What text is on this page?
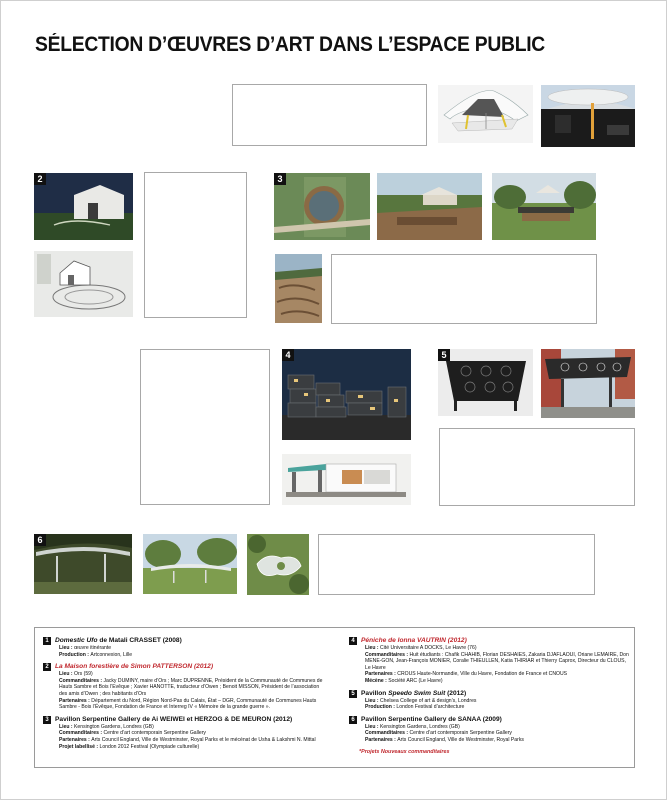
SÉLECTION D’ŒUVRES D’ART DANS L’ESPACE PUBLIC
2	3
4	5
6
1 Domestic Ufo de Matali CRASSET (2008)
Lieu : œuvre itinérante
Production : Artconnexion, Lille
2 La Maison forestière de Simon PATTERSON (2012)
Lieu : Ors (59)
Commanditaires : Jacky DUMINY, maire d’Ors ; Marc DUPRENNE, Président de la Communauté de Communes de Hauts Sambre et Bois l’Evêque ; Xavier HANOTTE, traducteur d’Owen ; Benoit MISSON, Président de l’association des amis d’Owen ; des habitants d’Ors
Partenaires : Département du Nord, Région Nord-Pas du Calais, État – DGR, Communauté de Communes Hauts Sambre - Bois l’Évêque, Fondation de France et Interreg IV « Mémoire de la grande guerre ».
3 Pavillon Serpentine Gallery de Ai WEIWEI et HERZOG & DE MEURON (2012)
Lieu : Kensington Gardens, Londres (GB)
Commanditaires : Centre d’art contemporain Serpentine Gallery
Partenaires : Arts Council England, Ville de Westminster, Royal Parks et le mécénat de Usha & Lakshmi N. Mittal
Projet labellisé : London 2012 Festival (Olympiade culturelle)
4 Péniche de Ionna VAUTRIN (2012)
Lieu : Cité Universitaire A DOCKS, Le Havre (76)
Commanditaires : Huit étudiants : Chafik CHAHIB, Florian DESHAIES, Zakaria DJAFLAOUI, Oriane LEMAIRE, Don MENE-GON, Jean-François MONIER, Coralie THIEULLEN, Katia THIRIAR et Thierry Caprox, Directeur du CLOUS, Le Havre
Partenaires : CROUS Haute-Normandie, Ville du Havre, Fondation de France et CNOUS
Mécène : Société ARC (Le Havre)
5 Pavillon Speedo Swim Suit (2012)
Lieu : Chelsea College of art & design’s, Londres
Production : London Festival d’architecture
6 Pavillon Serpentine Gallery de SANAA (2009)
Lieu : Kensington Gardens, Londres (GB)
Commanditaires : Centre d’art contemporain Serpentine Gallery
Partenaires : Arts Council England, Ville de Westminster, Royal Parks
*Projets Nouveaux commanditaires
